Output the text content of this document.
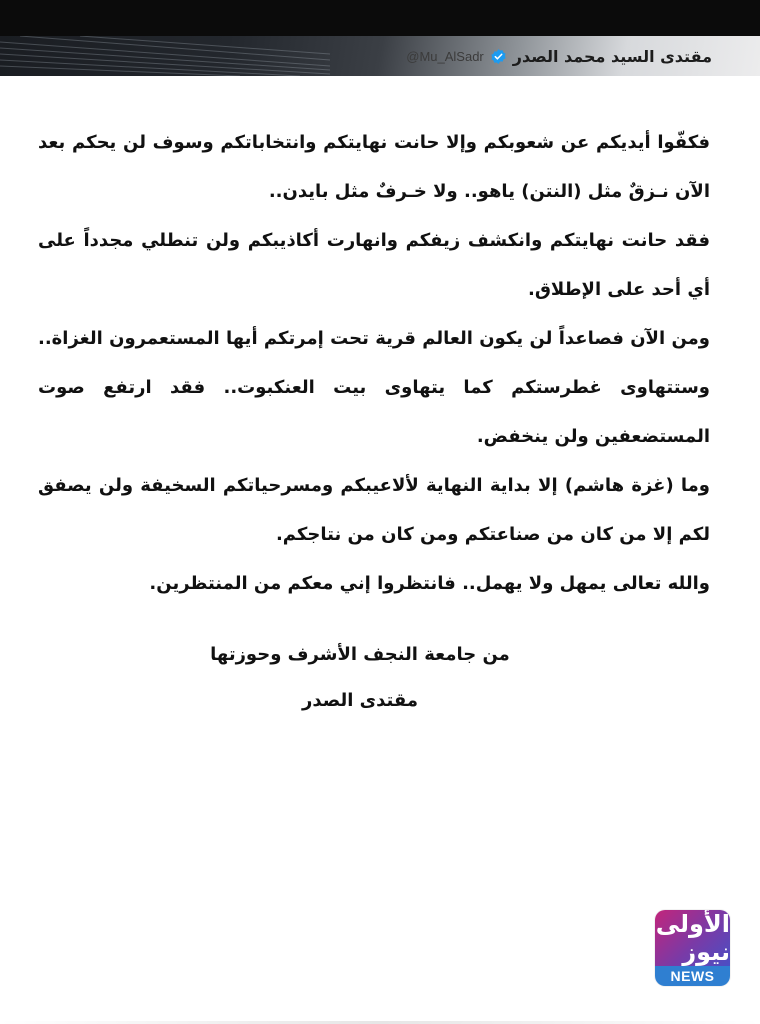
@Mu_AlSadr مقتدى السيد محمد الصدر

فكفّوا أيديكم عن شعوبكم وإلا حانت نهايتكم وانتخاباتكم وسوف لن يحكم بعد الآن نـزقٌ مثل (النتن) ياهو.. ولا خـرفٌ مثل بايدن..

فقد حانت نهايتكم وانكشف زيفكم وانهارت أكاذيبكم ولن تنطلي مجدداً على أي أحد على الإطلاق.

ومن الآن فصاعداً لن يكون العالم قرية تحت إمرتكم أيها المستعمرون الغزاة.. وستتهاوى غطرستكم كما يتهاوى بيت العنكبوت.. فقد ارتفع صوت المستضعفين ولن ينخفض.

وما (غزة هاشم) إلا بداية النهاية لألاعيبكم ومسرحياتكم السخيفة ولن يصفق لكم إلا من كان من صناعتكم ومن كان من نتاجكم.

والله تعالى يمهل ولا يهمل.. فانتظروا إني معكم من المنتظرين.

من جامعة النجف الأشرف وحوزتها

مقتدى الصدر

الأولى نيوز
NEWS
